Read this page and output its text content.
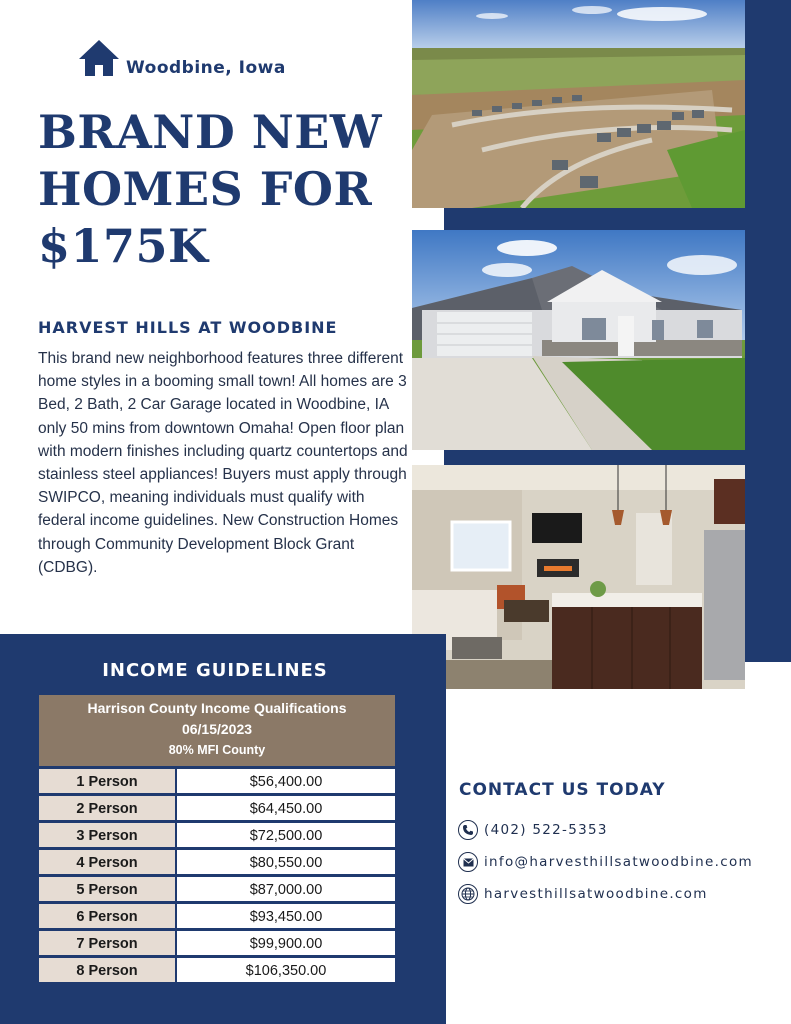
Woodbine, Iowa
BRAND NEW
HOMES FOR
$175K
HARVEST HILLS AT WOODBINE
This brand new neighborhood features three different home styles in a booming small town! All homes are 3 Bed, 2 Bath, 2 Car Garage located in Woodbine, IA only 50 mins from downtown Omaha! Open floor plan with modern finishes including quartz countertops and stainless steel appliances! Buyers must apply through SWIPCO, meaning individuals must qualify with federal income guidelines. New Construction Homes through Community Development Block Grant (CDBG).
INCOME GUIDELINES
Harrison County Income Qualifications
06/15/2023
80% MFI County
1 Person	$56,400.00
2 Person	$64,450.00
3 Person	$72,500.00
4 Person	$80,550.00
5 Person	$87,000.00
6 Person	$93,450.00
7 Person	$99,900.00
8 Person	$106,350.00
CONTACT US TODAY
(402) 522-5353
info@harvesthillsatwoodbine.com
harvesthillsatwoodbine.com
